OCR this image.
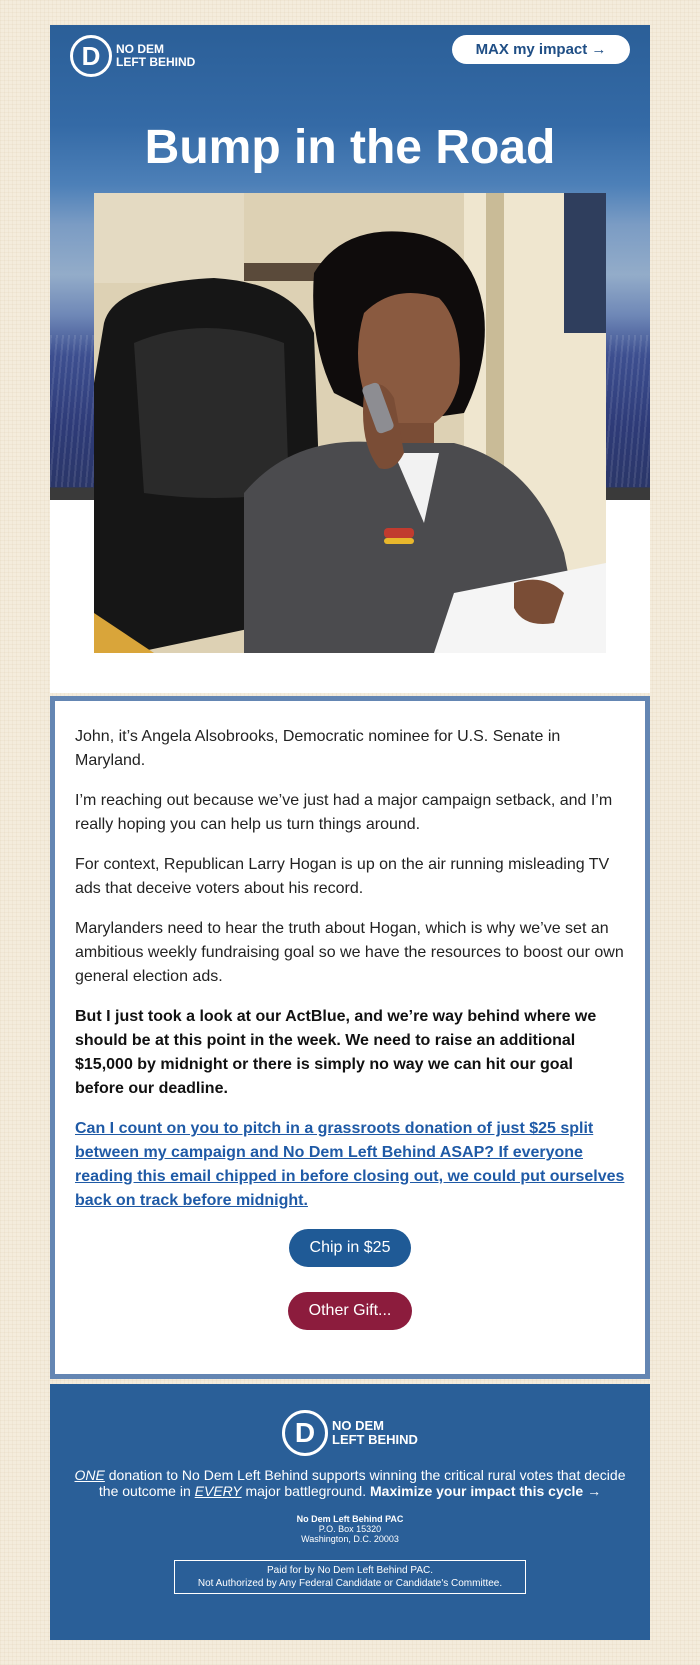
D	NO DEM
LEFT BEHIND
MAX my impact →
Bump in the Road

John, it’s Angela Alsobrooks, Democratic nominee for U.S. Senate in Maryland.

I’m reaching out because we’ve just had a major campaign setback, and I’m really hoping you can help us turn things around.

For context, Republican Larry Hogan is up on the air running misleading TV ads that deceive voters about his record.

Marylanders need to hear the truth about Hogan, which is why we’ve set an ambitious weekly fundraising goal so we have the resources to boost our own general election ads.

But I just took a look at our ActBlue, and we’re way behind where we should be at this point in the week. We need to raise an additional $15,000 by midnight or there is simply no way we can hit our goal before our deadline.

Can I count on you to pitch in a grassroots donation of just $25 split between my campaign and No Dem Left Behind ASAP? If everyone reading this email chipped in before closing out, we could put ourselves back on track before midnight.

Chip in $25
Other Gift...
D	NO DEM
LEFT BEHIND
ONE donation to No Dem Left Behind supports winning the critical rural votes that decide the outcome in EVERY major battleground. Maximize your impact this cycle →
No Dem Left Behind PAC
P.O. Box 15320
Washington, D.C. 20003
Paid for by No Dem Left Behind PAC.
Not Authorized by Any Federal Candidate or Candidate's Committee.
